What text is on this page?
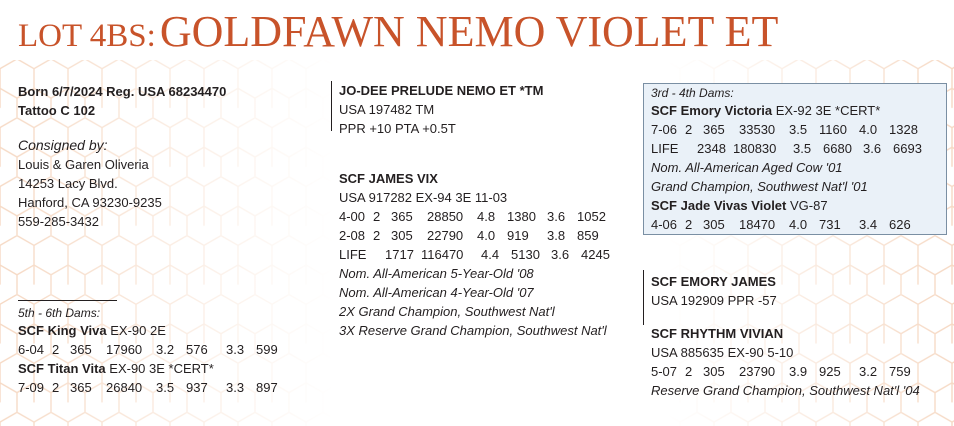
LOT 4BS: GOLDFAWN NEMO VIOLET ET
Born 6/7/2024 Reg. USA 68234470
Tattoo C 102
Consigned by:
Louis & Garen Oliveria
14253 Lacy Blvd.
Hanford, CA 93230-9235
559-285-3432
JO-DEE PRELUDE NEMO ET *TM
USA 197482 TM
PPR +10 PTA +0.5T
SCF JAMES VIX
USA 917282 EX-94 3E 11-03
4-00 2 365	28850	4.8 1380 3.6 1052
2-08 2 305	22790	4.0 919	3.8 859
LIFE	1717 116470	4.4 5130 3.6 4245
Nom. All-American 5-Year-Old '08
Nom. All-American 4-Year-Old '07
2X Grand Champion, Southwest Nat'l
3X Reserve Grand Champion, Southwest Nat'l
3rd - 4th Dams:
SCF Emory Victoria EX-92 3E *CERT*
7-06 2 365	33530	3.5 1160 4.0 1328
LIFE	2348 180830	3.5 6680 3.6 6693
Nom. All-American Aged Cow '01
Grand Champion, Southwest Nat'l '01
SCF Jade Vivas Violet VG-87
4-06 2 305	18470	4.0 731	3.4 626
SCF EMORY JAMES
USA 192909 PPR -57
SCF RHYTHM VIVIAN
USA 885635 EX-90 5-10
5-07 2 305	23790	3.9 925	3.2 759
Reserve Grand Champion, Southwest Nat'l '04
5th - 6th Dams:
SCF King Viva EX-90 2E
6-04 2 365	17960	3.2 576	3.3 599
SCF Titan Vita EX-90 3E *CERT*
7-09 2 365	26840	3.5 937	3.3 897
